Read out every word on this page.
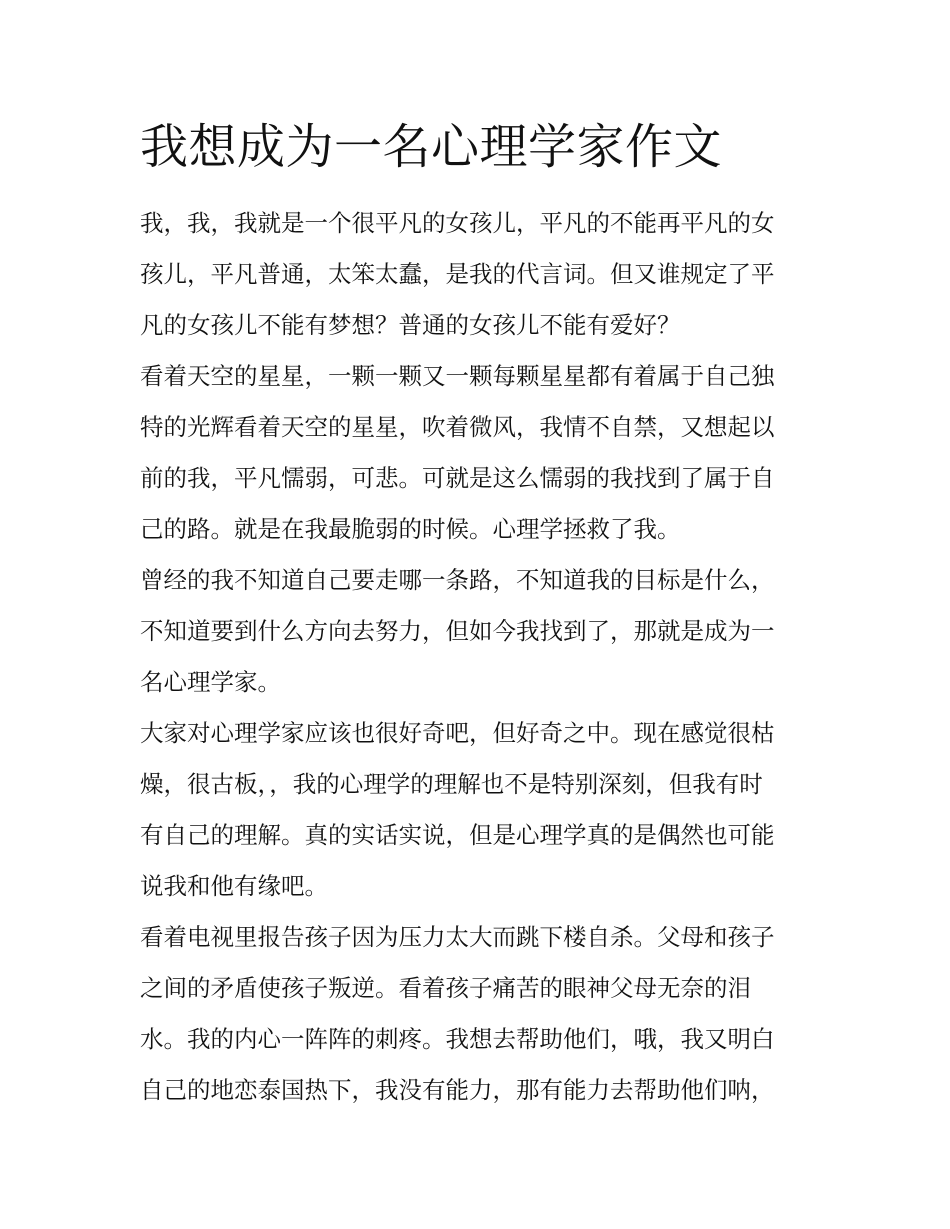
我想成为一名心理学家作文
我，我，我就是一个很平凡的女孩儿，平凡的不能再平凡的女
孩儿，平凡普通，太笨太蠢，是我的代言词。但又谁规定了平
凡的女孩儿不能有梦想？普通的女孩儿不能有爱好？
看着天空的星星，一颗一颗又一颗每颗星星都有着属于自己独
特的光辉看着天空的星星，吹着微风，我情不自禁，又想起以
前的我，平凡懦弱，可悲。可就是这么懦弱的我找到了属于自
己的路。就是在我最脆弱的时候。心理学拯救了我。
曾经的我不知道自己要走哪一条路，不知道我的目标是什么，
不知道要到什么方向去努力，但如今我找到了，那就是成为一
名心理学家。
大家对心理学家应该也很好奇吧，但好奇之中。现在感觉很枯
燥，很古板，，我的心理学的理解也不是特别深刻，但我有时
有自己的理解。真的实话实说，但是心理学真的是偶然也可能
说我和他有缘吧。
看着电视里报告孩子因为压力太大而跳下楼自杀。父母和孩子
之间的矛盾使孩子叛逆。看着孩子痛苦的眼神父母无奈的泪
水。我的内心一阵阵的刺疼。我想去帮助他们，哦，我又明白
自己的地恋泰国热下，我没有能力，那有能力去帮助他们呐，
